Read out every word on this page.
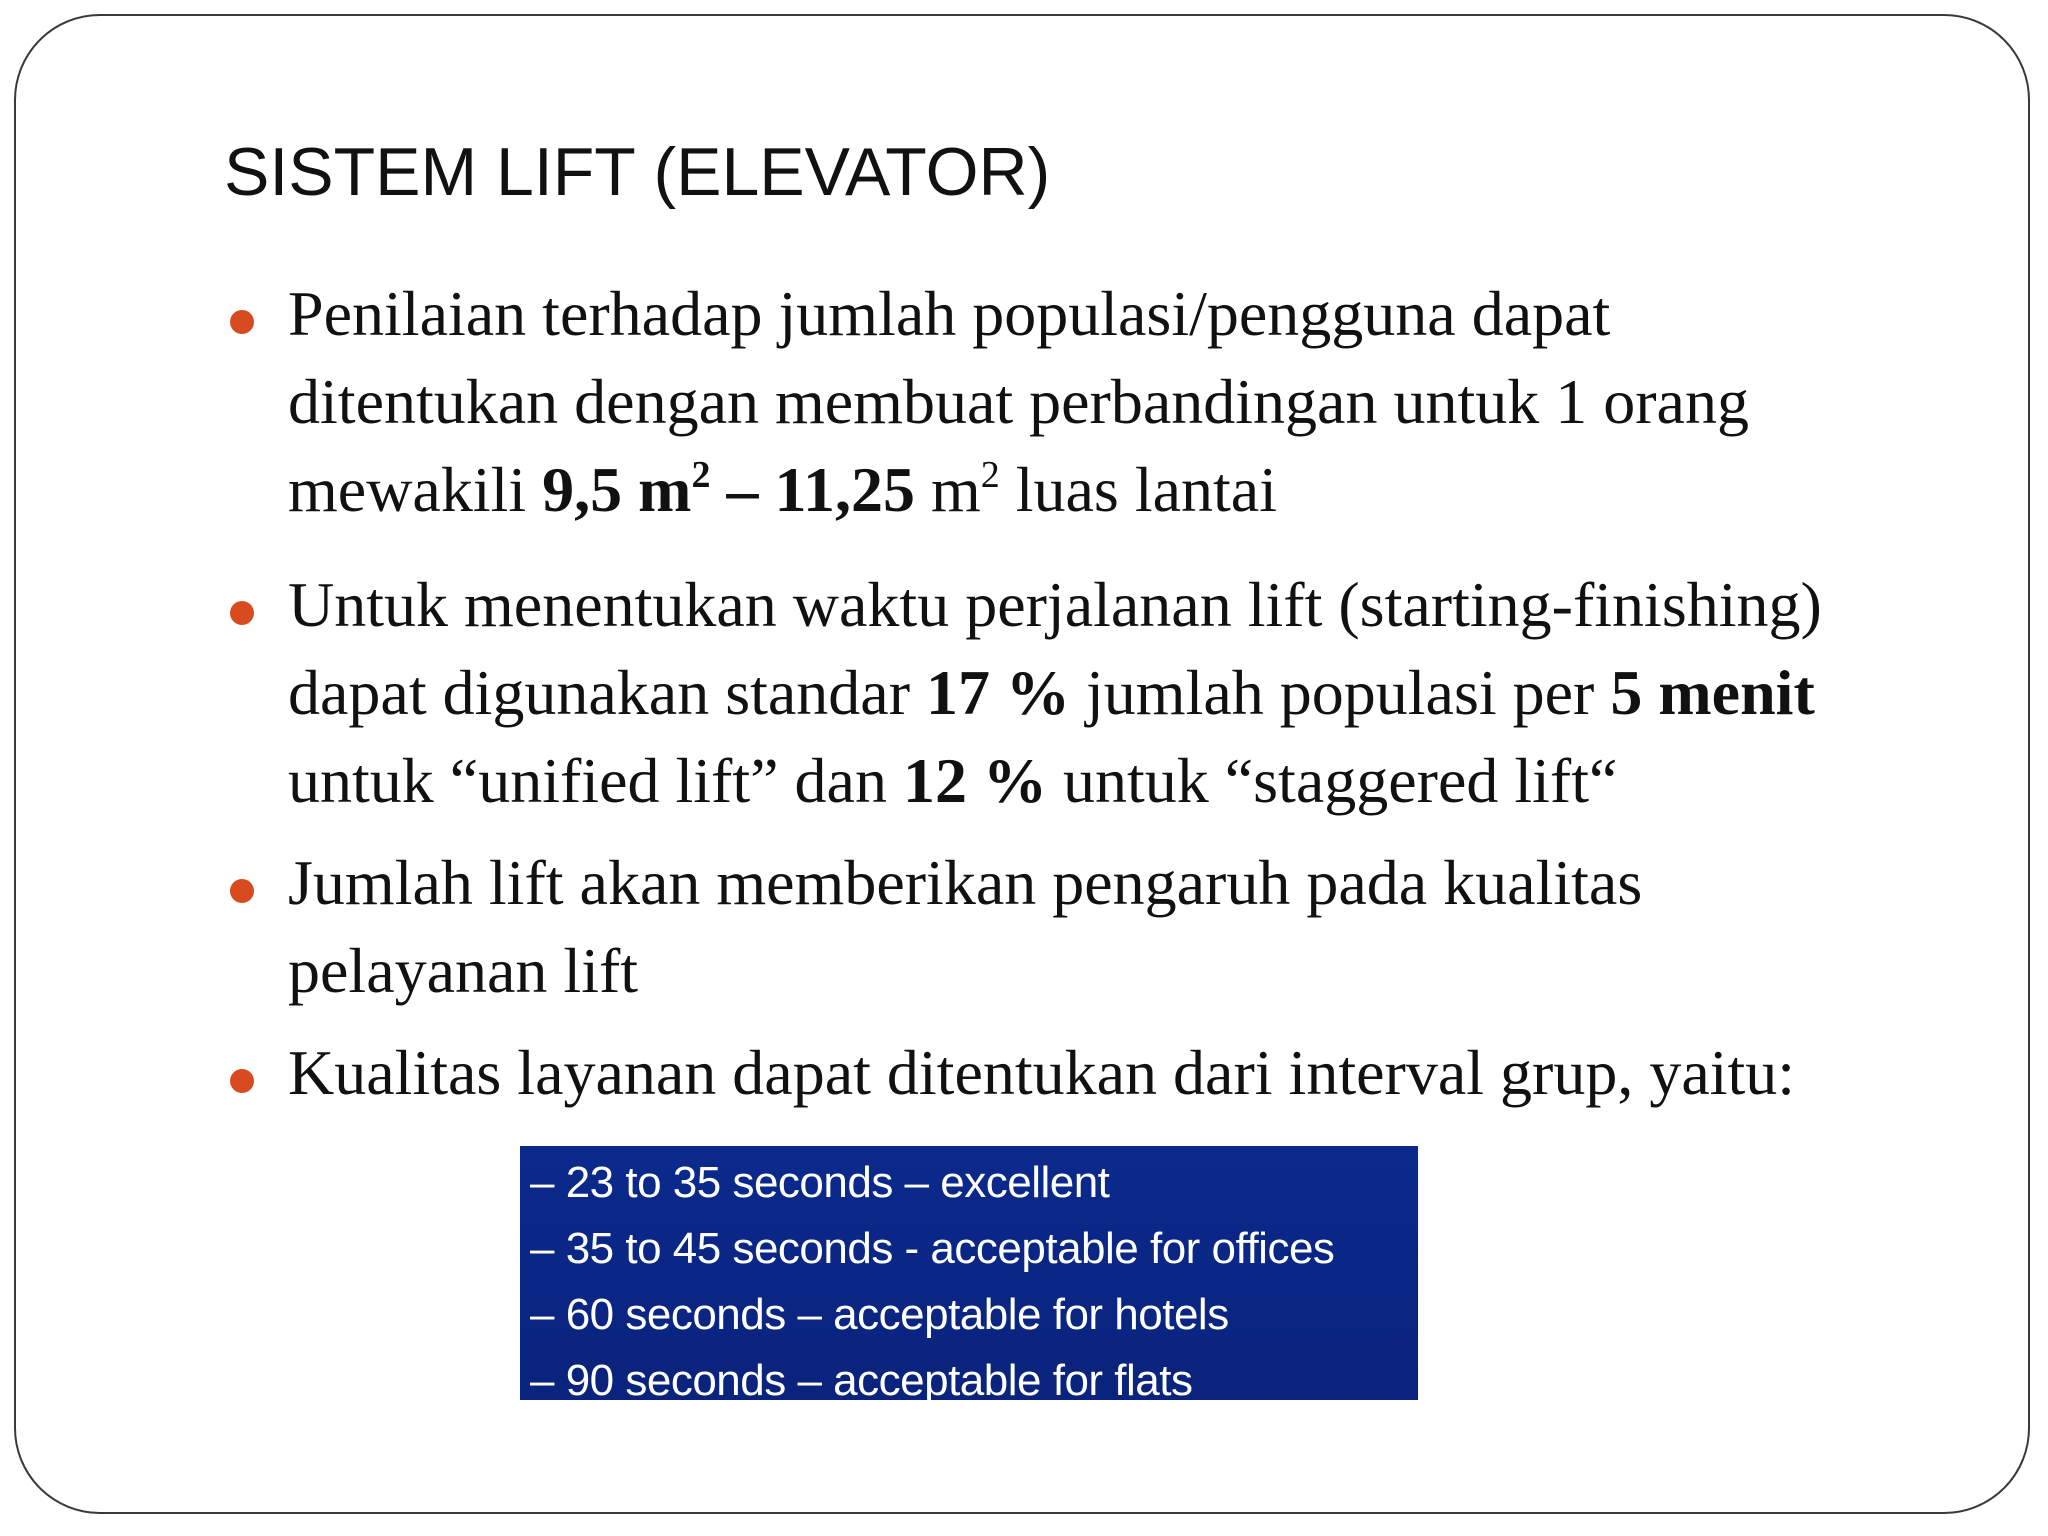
SISTEM LIFT (ELEVATOR)
Penilaian terhadap jumlah populasi/pengguna dapat
ditentukan dengan membuat perbandingan untuk 1 orang
mewakili 9,5 $m^2 - 11,25$ $m^2$ luas lantai
Untuk menentukan waktu perjalanan lift (starting-finishing)
dapat digunakan standar 17 % jumlah populasi per 5 menit
untuk “unified lift” dan 12 % untuk “staggered lift“
Jumlah lift akan memberikan pengaruh pada kualitas
pelayanan lift
Kualitas layanan dapat ditentukan dari interval grup, yaitu:
– 23 to 35 seconds – excellent
– 35 to 45 seconds - acceptable for offices
– 60 seconds – acceptable for hotels
– 90 seconds – acceptable for flats
